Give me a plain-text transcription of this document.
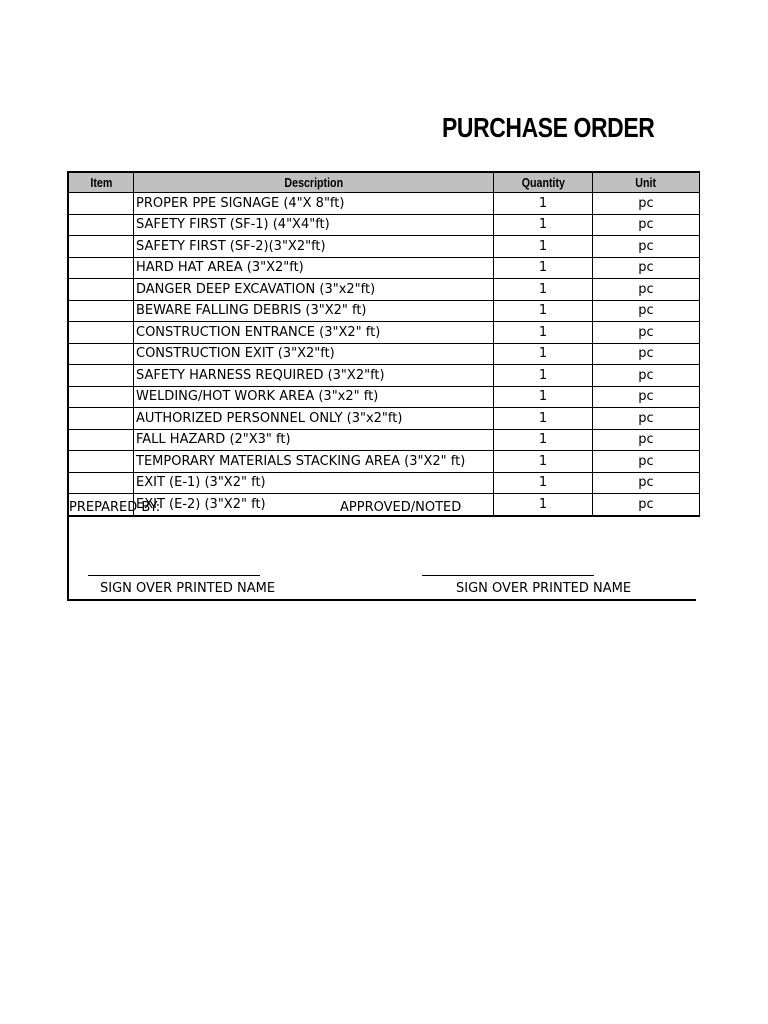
PURCHASE ORDER
Item	Description	Quantity	Unit
	PROPER PPE SIGNAGE (4"X 8"ft)	1	pc
	SAFETY FIRST (SF-1) (4"X4"ft)	1	pc
	SAFETY FIRST (SF-2)(3"X2"ft)	1	pc
	HARD HAT AREA (3"X2"ft)	1	pc
	DANGER DEEP EXCAVATION (3"x2"ft)	1	pc
	BEWARE FALLING DEBRIS (3"X2" ft)	1	pc
	CONSTRUCTION ENTRANCE (3"X2" ft)	1	pc
	CONSTRUCTION EXIT (3"X2"ft)	1	pc
	SAFETY HARNESS REQUIRED (3"X2"ft)	1	pc
	WELDING/HOT WORK AREA (3"x2" ft)	1	pc
	AUTHORIZED PERSONNEL ONLY (3"x2"ft)	1	pc
	FALL HAZARD (2"X3" ft)	1	pc
	TEMPORARY MATERIALS STACKING AREA (3"X2" ft)	1	pc
	EXIT (E-1) (3"X2" ft)	1	pc
	EXIT (E-2) (3"X2" ft)	1	pc
PREPARED BY:	APPROVED/NOTED
SIGN OVER PRINTED NAME	SIGN OVER PRINTED NAME
